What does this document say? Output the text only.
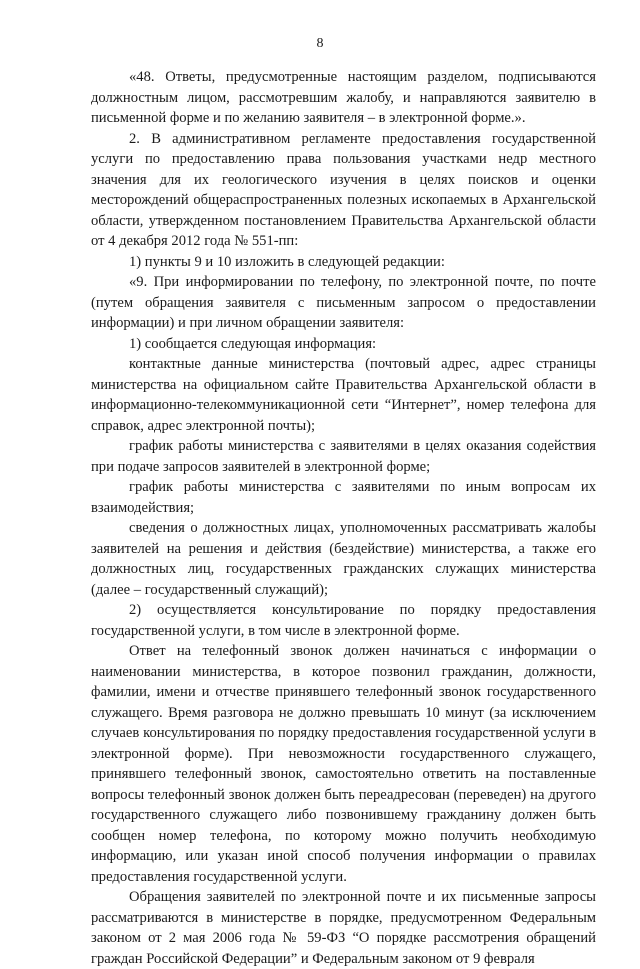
8

«48. Ответы, предусмотренные настоящим разделом, подписываются должностным лицом, рассмотревшим жалобу, и направляются заявителю в письменной форме и по желанию заявителя – в электронной форме.».

2. В административном регламенте предоставления государственной услуги по предоставлению права пользования участками недр местного значения для их геологического изучения в целях поисков и оценки месторождений общераспространенных полезных ископаемых в Архангельской области, утвержденном постановлением Правительства Архангельской области от 4 декабря 2012 года № 551-пп:

1) пункты 9 и 10 изложить в следующей редакции:

«9. При информировании по телефону, по электронной почте, по почте (путем обращения заявителя с письменным запросом о предоставлении информации) и при личном обращении заявителя:

1) сообщается следующая информация:

контактные данные министерства (почтовый адрес, адрес страницы министерства на официальном сайте Правительства Архангельской области в информационно-телекоммуникационной сети “Интернет”, номер телефона для справок, адрес электронной почты);

график работы министерства с заявителями в целях оказания содействия при подаче запросов заявителей в электронной форме;

график работы министерства с заявителями по иным вопросам их взаимодействия;

сведения о должностных лицах, уполномоченных рассматривать жалобы заявителей на решения и действия (бездействие) министерства, а также его должностных лиц, государственных гражданских служащих министерства (далее – государственный служащий);

2) осуществляется консультирование по порядку предоставления государственной услуги, в том числе в электронной форме.

Ответ на телефонный звонок должен начинаться с информации о наименовании министерства, в которое позвонил гражданин, должности, фамилии, имени и отчестве принявшего телефонный звонок государственного служащего. Время разговора не должно превышать 10 минут (за исключением случаев консультирования по порядку предоставления государственной услуги в электронной форме). При невозможности государственного служащего, принявшего телефонный звонок, самостоятельно ответить на поставленные вопросы телефонный звонок должен быть переадресован (переведен) на другого государственного служащего либо позвонившему гражданину должен быть сообщен номер телефона, по которому можно получить необходимую информацию, или указан иной способ получения информации о правилах предоставления государственной услуги.

Обращения заявителей по электронной почте и их письменные запросы рассматриваются в министерстве в порядке, предусмотренном Федеральным законом от 2 мая 2006 года № 59-ФЗ “О порядке рассмотрения обращений граждан Российской Федерации” и Федеральным законом от 9 февраля
